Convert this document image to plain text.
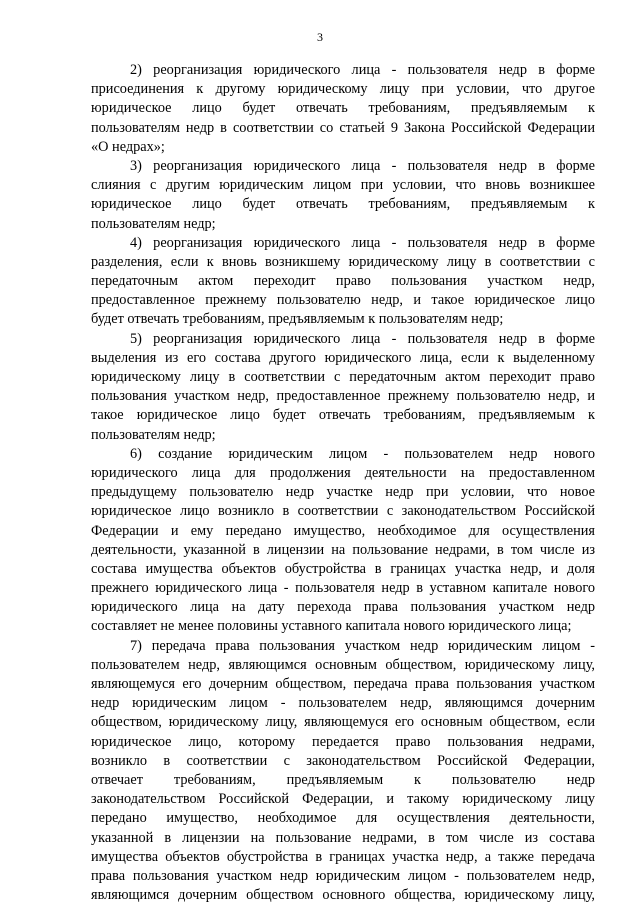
3
2) реорганизация юридического лица - пользователя недр в форме
присоединения к другому юридическому лицу при условии, что другое
юридическое лицо будет отвечать требованиям, предъявляемым к
пользователям недр в соответствии со статьей 9 Закона Российской Федерации
«О недрах»;
3) реорганизация юридического лица - пользователя недр в форме
слияния с другим юридическим лицом при условии, что вновь возникшее
юридическое лицо будет отвечать требованиям, предъявляемым к
пользователям недр;
4) реорганизация юридического лица - пользователя недр в форме
разделения, если к вновь возникшему юридическому лицу в соответствии с
передаточным актом переходит право пользования участком недр,
предоставленное прежнему пользователю недр, и такое юридическое лицо
будет отвечать требованиям, предъявляемым к пользователям недр;
5) реорганизация юридического лица - пользователя недр в форме
выделения из его состава другого юридического лица, если к выделенному
юридическому лицу в соответствии с передаточным актом переходит право
пользования участком недр, предоставленное прежнему пользователю недр, и
такое юридическое лицо будет отвечать требованиям, предъявляемым к
пользователям недр;
6) создание юридическим лицом - пользователем недр нового
юридического лица для продолжения деятельности на предоставленном
предыдущему пользователю недр участке недр при условии, что новое
юридическое лицо возникло в соответствии с законодательством Российской
Федерации и ему передано имущество, необходимое для осуществления
деятельности, указанной в лицензии на пользование недрами, в том числе из
состава имущества объектов обустройства в границах участка недр, и доля
прежнего юридического лица - пользователя недр в уставном капитале нового
юридического лица на дату перехода права пользования участком недр
составляет не менее половины уставного капитала нового юридического лица;
7) передача права пользования участком недр юридическим лицом -
пользователем недр, являющимся основным обществом, юридическому лицу,
являющемуся его дочерним обществом, передача права пользования участком
недр юридическим лицом - пользователем недр, являющимся дочерним
обществом, юридическому лицу, являющемуся его основным обществом, если
юридическое лицо, которому передается право пользования недрами,
возникло в соответствии с законодательством Российской Федерации,
отвечает требованиям, предъявляемым к пользователю недр
законодательством Российской Федерации, и такому юридическому лицу
передано имущество, необходимое для осуществления деятельности,
указанной в лицензии на пользование недрами, в том числе из состава
имущества объектов обустройства в границах участка недр, а также передача
права пользования участком недр юридическим лицом - пользователем недр,
являющимся дочерним обществом основного общества, юридическому лицу,
